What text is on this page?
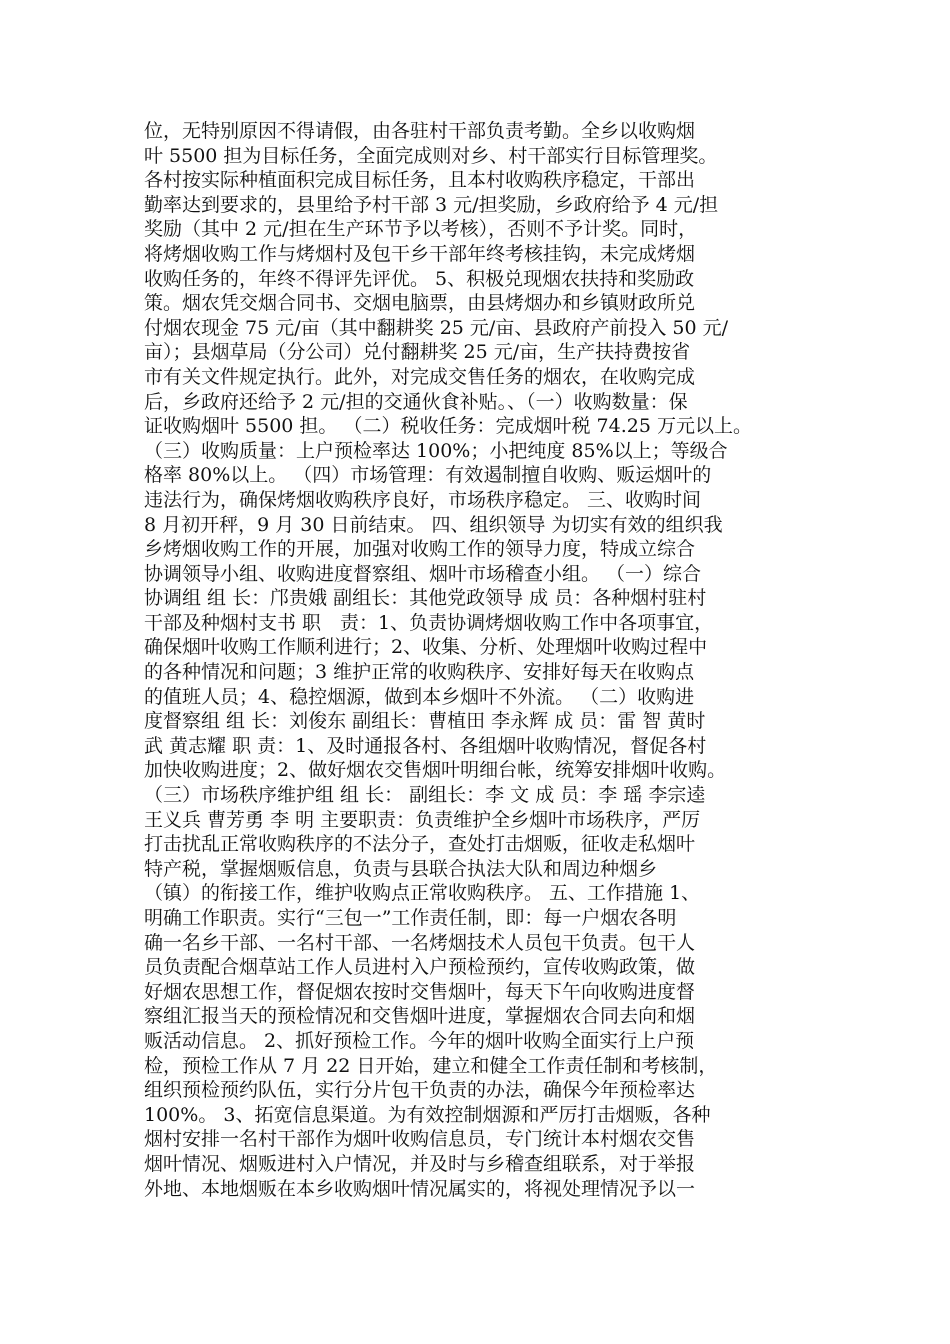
位，无特别原因不得请假，由各驻村干部负责考勤。全乡以收购烟
叶 5500 担为目标任务，全面完成则对乡、村干部实行目标管理奖。
各村按实际种植面积完成目标任务，且本村收购秩序稳定，干部出
勤率达到要求的，县里给予村干部 3 元/担奖励，乡政府给予 4 元/担
奖励（其中 2 元/担在生产环节予以考核），否则不予计奖。同时，
将烤烟收购工作与烤烟村及包干乡干部年终考核挂钩，未完成烤烟
收购任务的，年终不得评先评优。 5、积极兑现烟农扶持和奖励政
策。烟农凭交烟合同书、交烟电脑票，由县烤烟办和乡镇财政所兑
付烟农现金 75 元/亩（其中翻耕奖 25 元/亩、县政府产前投入 50 元/
亩）；县烟草局（分公司）兑付翻耕奖 25 元/亩，生产扶持费按省
市有关文件规定执行。此外，对完成交售任务的烟农，在收购完成
后，乡政府还给予 2 元/担的交通伙食补贴。、（一）收购数量：保
证收购烟叶 5500 担。 （二）税收任务：完成烟叶税 74.25 万元以上。
（三）收购质量：上户预检率达 100%；小把纯度 85%以上；等级合
格率 80%以上。 （四）市场管理：有效遏制擅自收购、贩运烟叶的
违法行为，确保烤烟收购秩序良好，市场秩序稳定。 三、收购时间
8 月初开秤，9 月 30 日前结束。 四、组织领导 为切实有效的组织我
乡烤烟收购工作的开展，加强对收购工作的领导力度，特成立综合
协调领导小组、收购进度督察组、烟叶市场稽查小组。 （一）综合
协调组 组 长：邝贵娥 副组长：其他党政领导 成 员：各种烟村驻村
干部及种烟村支书 职　责：1、负责协调烤烟收购工作中各项事宜，
确保烟叶收购工作顺利进行；2、收集、分析、处理烟叶收购过程中
的各种情况和问题；3 维护正常的收购秩序、安排好每天在收购点
的值班人员；4、稳控烟源，做到本乡烟叶不外流。 （二）收购进
度督察组 组 长：刘俊东 副组长：曹植田 李永辉 成 员：雷 智 黄时
武 黄志耀 职 责：1、及时通报各村、各组烟叶收购情况，督促各村
加快收购进度；2、做好烟农交售烟叶明细台帐，统筹安排烟叶收购。
（三）市场秩序维护组 组 长： 副组长：李 文 成 员：李 瑶 李宗逵
王义兵 曹芳勇 李 明 主要职责：负责维护全乡烟叶市场秩序，严厉
打击扰乱正常收购秩序的不法分子，查处打击烟贩，征收走私烟叶
特产税，掌握烟贩信息，负责与县联合执法大队和周边种烟乡
（镇）的衔接工作，维护收购点正常收购秩序。 五、工作措施 1、
明确工作职责。实行“三包一”工作责任制，即：每一户烟农各明
确一名乡干部、一名村干部、一名烤烟技术人员包干负责。包干人
员负责配合烟草站工作人员进村入户预检预约，宣传收购政策，做
好烟农思想工作，督促烟农按时交售烟叶，每天下午向收购进度督
察组汇报当天的预检情况和交售烟叶进度，掌握烟农合同去向和烟
贩活动信息。 2、抓好预检工作。今年的烟叶收购全面实行上户预
检，预检工作从 7 月 22 日开始，建立和健全工作责任制和考核制，
组织预检预约队伍，实行分片包干负责的办法，确保今年预检率达
100%。 3、拓宽信息渠道。为有效控制烟源和严厉打击烟贩，各种
烟村安排一名村干部作为烟叶收购信息员，专门统计本村烟农交售
烟叶情况、烟贩进村入户情况，并及时与乡稽查组联系，对于举报
外地、本地烟贩在本乡收购烟叶情况属实的，将视处理情况予以一
